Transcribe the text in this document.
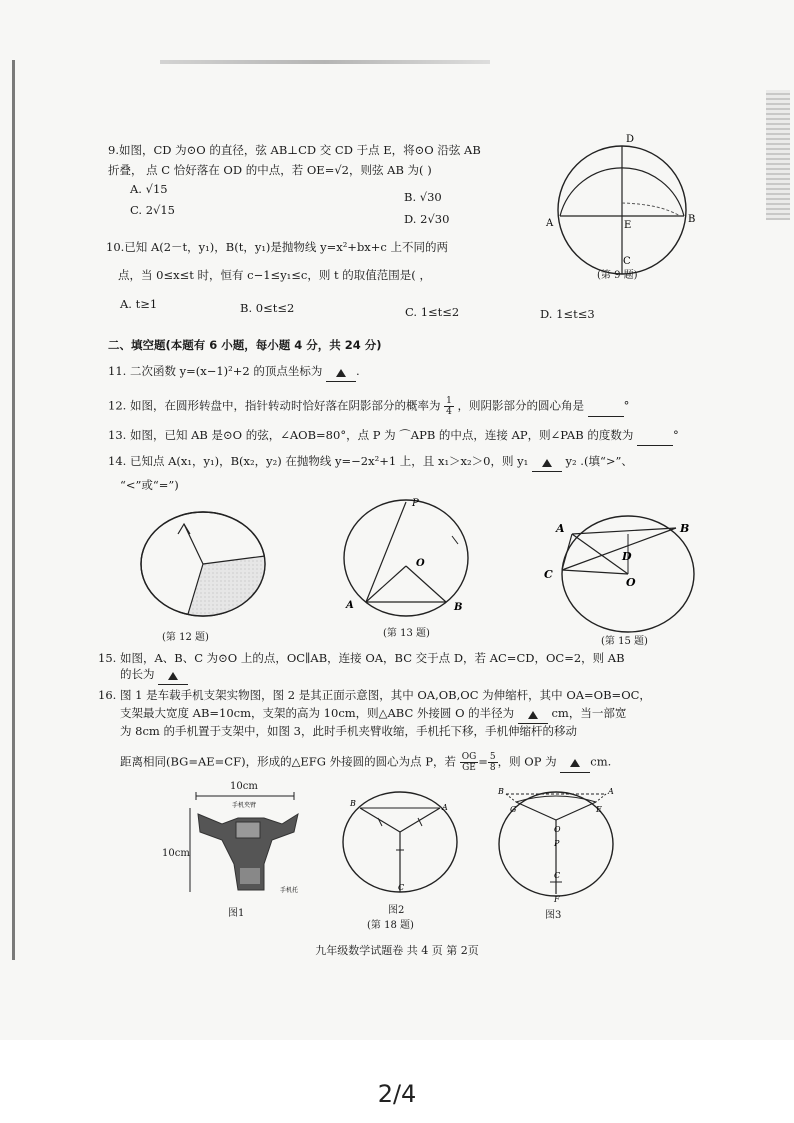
9.如图，CD 为⊙O 的直径，弦 AB⊥CD 交 CD 于点 E，将⊙O 沿弦 AB
折叠， 点 C 恰好落在 OD 的中点，若 OE=√2，则弦 AB 为( )
A. √15
B. √30
C. 2√15
D. 2√30
D
A	B
E
C
(第 9 题)
10.已知 A(2－t，y₁)，B(t，y₁)是抛物线 y=x²+bx+c 上不同的两
点，当 0≤x≤t 时，恒有 c−1≤y₁≤c，则 t 的取值范围是( ，
A. t≥1	B. 0≤t≤2	C. 1≤t≤2	D. 1≤t≤3
二、填空题(本题有 6 小题，每小题 4 分，共 24 分)
11. 二次函数 y=(x−1)²+2 的顶点坐标为	.
12. 如图，在圆形转盘中，指针转动时恰好落在阴影部分的概率为 $\frac{1}{4}$ ，则阴影部分的圆心角是	°
13. 如图，已知 AB 是⊙O 的弦，∠AOB=80°，点 P 为 ⌒APB 的中点，连接 AP，则∠PAB 的度数为	°
14. 已知点 A(x₁，y₁)，B(x₂，y₂) 在抛物线 y=−2x²+1 上，且 x₁＞x₂＞0，则 y₁	y₂ .(填“>”、
“<”或“=”)
(第 12 题)
P
O
A	B
(第 13 题)
A	B
C
D
O
(第 15 题)
15. 如图，A、B、C 为⊙O 上的点，OC∥AB，连接 OA，BC 交于点 D，若 AC=CD，OC=2，则 AB
的长为
16. 图 1 是车载手机支架实物图，图 2 是其正面示意图，其中 OA,OB,OC 为伸缩杆，其中 OA=OB=OC，
支架最大宽度 AB=10cm，支架的高为 10cm，则△ABC 外接圆 O 的半径为	cm，当一部宽
为 8cm 的手机置于支架中，如图 3，此时手机夹臂收缩，手机托下移，手机伸缩杆的移动
距离相同(BG=AE=CF)，形成的△EFG 外接圆的圆心为点 P，若 $\frac{OG}{GE} = \frac{5}{8}$ ，则 OP 为	cm.
10cm
手机夹臂
手机托
10cm
图1
B	A
C
图2
(第 18 题)
B	A
G	E
O
P
C
F
图3
九年级数学试题卷 共 4 页 第 2页
2/4
